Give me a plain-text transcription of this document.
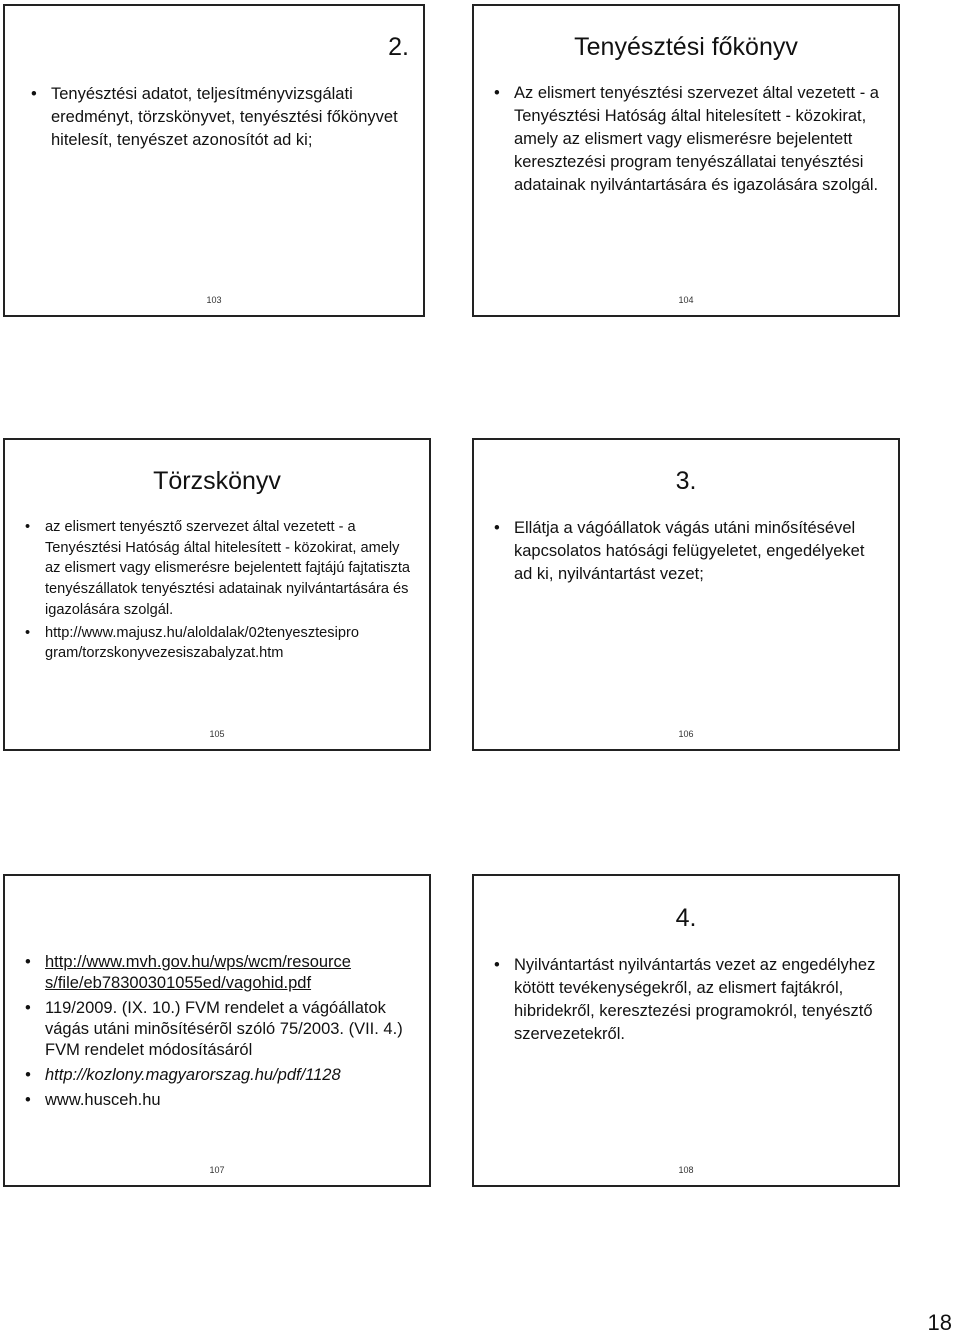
2.
• Tenyésztési adatot, teljesítményvizsgálati eredményt, törzskönyvet, tenyésztési főkönyvet hitelesít, tenyészet azonosítót ad ki;
103
Tenyésztési főkönyv
• Az elismert tenyésztési szervezet által vezetett - a Tenyésztési Hatóság által hitelesített - közokirat, amely az elismert vagy elismerésre bejelentett keresztezési program tenyészállatai tenyésztési adatainak nyilvántartására és igazolására szolgál.
104
Törzskönyv
• az elismert tenyésztő szervezet által vezetett - a Tenyésztési Hatóság által hitelesített - közokirat, amely az elismert vagy elismerésre bejelentett fajtájú fajtatiszta tenyészállatok tenyésztési adatainak nyilvántartására és igazolására szolgál.
• http://www.majusz.hu/aloldalak/02tenyesztesipro gram/torzskonyvezesiszabalyzat.htm
105
3.
• Ellátja a vágóállatok vágás utáni minősítésével kapcsolatos hatósági felügyeletet, engedélyeket ad ki, nyilvántartást vezet;
106
• http://www.mvh.gov.hu/wps/wcm/resource s/file/eb78300301055ed/vagohid.pdf
• 119/2009. (IX. 10.) FVM rendelet a vágóállatok vágás utáni minõsítésérõl szóló 75/2003. (VII. 4.) FVM rendelet módosításáról
• http://kozlony.magyarorszag.hu/pdf/1128
• www.husceh.hu
107
4.
• Nyilvántartást nyilvántartás vezet az engedélyhez kötött tevékenységekről, az elismert fajtákról, hibridekről, keresztezési programokról, tenyésztő szervezetekről.
108
18
